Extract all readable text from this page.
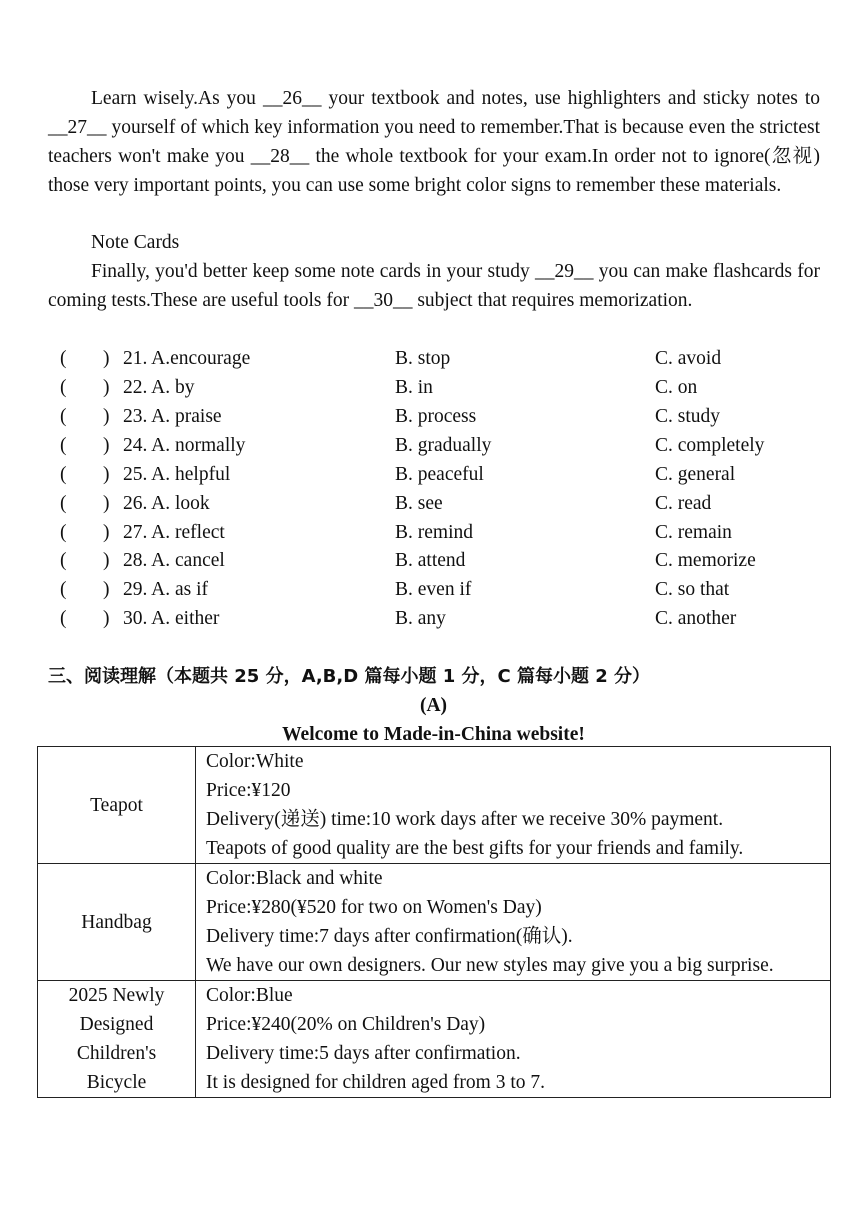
Learn wisely.As you __26__ your textbook and notes, use highlighters and sticky notes to __27__ yourself of which key information you need to remember.That is because even the strictest teachers won't make you __28__ the whole textbook for your exam.In order not to ignore(忽视) those very important points, you can use some bright color signs to remember these materials.

Note Cards

Finally, you'd better keep some note cards in your study __29__ you can make flashcards for coming tests.These are useful tools for __30__ subject that requires memorization.

( ) 21. A.encourage	B. stop	C. avoid
( ) 22. A. by	B. in	C. on
( ) 23. A. praise	B. process	C. study
( ) 24. A. normally	B. gradually	C. completely
( ) 25. A. helpful	B. peaceful	C. general
( ) 26. A. look	B. see	C. read
( ) 27. A. reflect	B. remind	C. remain
( ) 28. A. cancel	B. attend	C. memorize
( ) 29. A. as if	B. even if	C. so that
( ) 30. A. either	B. any	C. another
三、阅读理解（本题共 25 分，A,B,D 篇每小题 1 分，C 篇每小题 2 分）
(A)
Welcome to Made-in-China website!
Teapot	Color:White
Price:¥120
Delivery(递送) time:10 work days after we receive 30% payment.
Teapots of good quality are the best gifts for your friends and family.

Handbag	Color:Black and white
Price:¥280(¥520 for two on Women's Day)
Delivery time:7 days after confirmation(确认).
We have our own designers. Our new styles may give you a big surprise.

2025 Newly
Designed
Children's
Bicycle	Color:Blue
Price:¥240(20% on Children's Day)
Delivery time:5 days after confirmation.
It is designed for children aged from 3 to 7.
